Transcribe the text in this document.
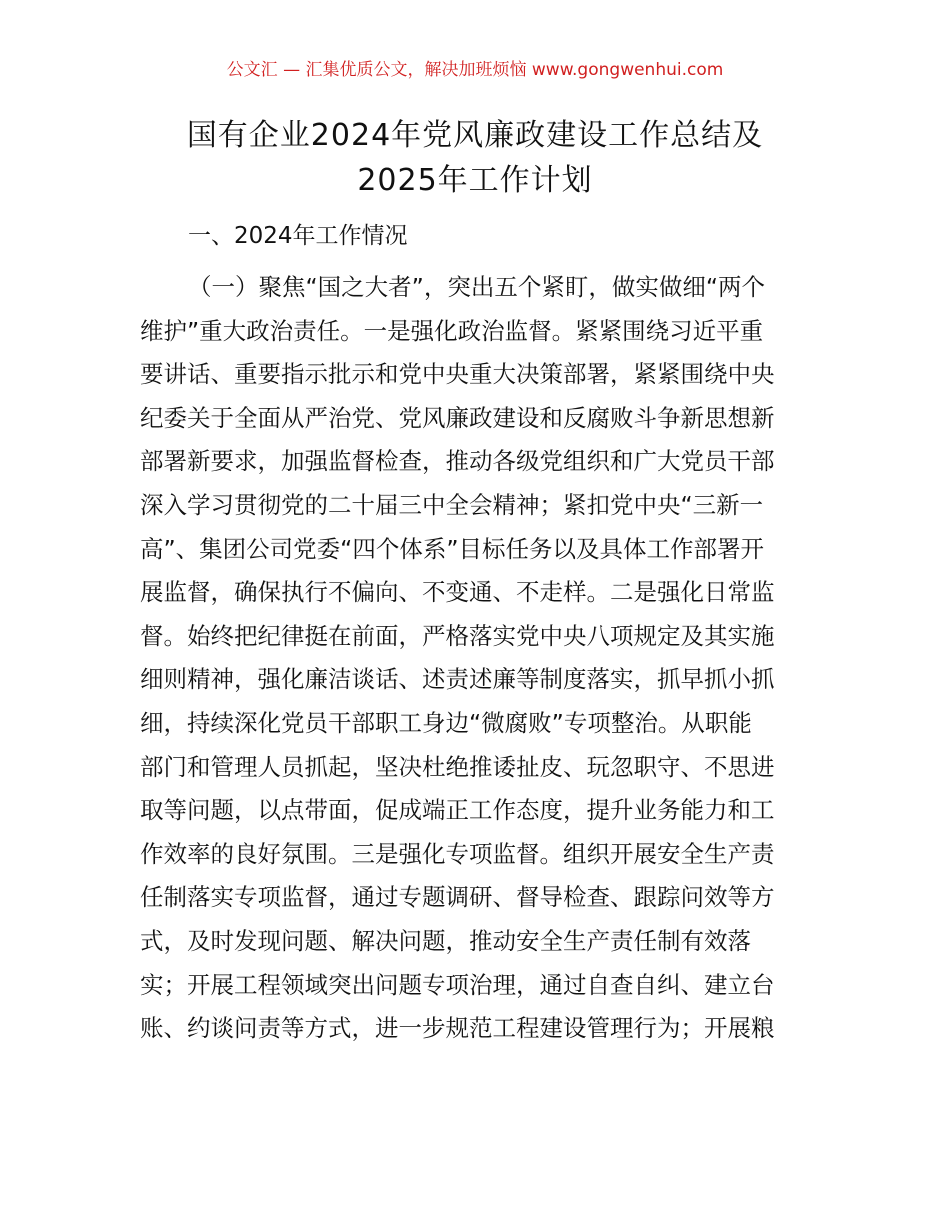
公文汇 — 汇集优质公文，解决加班烦恼 www.gongwenhui.com
国有企业2024年党风廉政建设工作总结及
2025年工作计划
一、2024年工作情况
（一）聚焦“国之大者”，突出五个紧盯，做实做细“两个
维护”重大政治责任。一是强化政治监督。紧紧围绕习近平重
要讲话、重要指示批示和党中央重大决策部署，紧紧围绕中央
纪委关于全面从严治党、党风廉政建设和反腐败斗争新思想新
部署新要求，加强监督检查，推动各级党组织和广大党员干部
深入学习贯彻党的二十届三中全会精神；紧扣党中央“三新一
高”、集团公司党委“四个体系”目标任务以及具体工作部署开
展监督，确保执行不偏向、不变通、不走样。二是强化日常监
督。始终把纪律挺在前面，严格落实党中央八项规定及其实施
细则精神，强化廉洁谈话、述责述廉等制度落实，抓早抓小抓
细，持续深化党员干部职工身边“微腐败”专项整治。从职能
部门和管理人员抓起，坚决杜绝推诿扯皮、玩忽职守、不思进
取等问题，以点带面，促成端正工作态度，提升业务能力和工
作效率的良好氛围。三是强化专项监督。组织开展安全生产责
任制落实专项监督，通过专题调研、督导检查、跟踪问效等方
式，及时发现问题、解决问题，推动安全生产责任制有效落
实；开展工程领域突出问题专项治理，通过自查自纠、建立台
账、约谈问责等方式，进一步规范工程建设管理行为；开展粮
